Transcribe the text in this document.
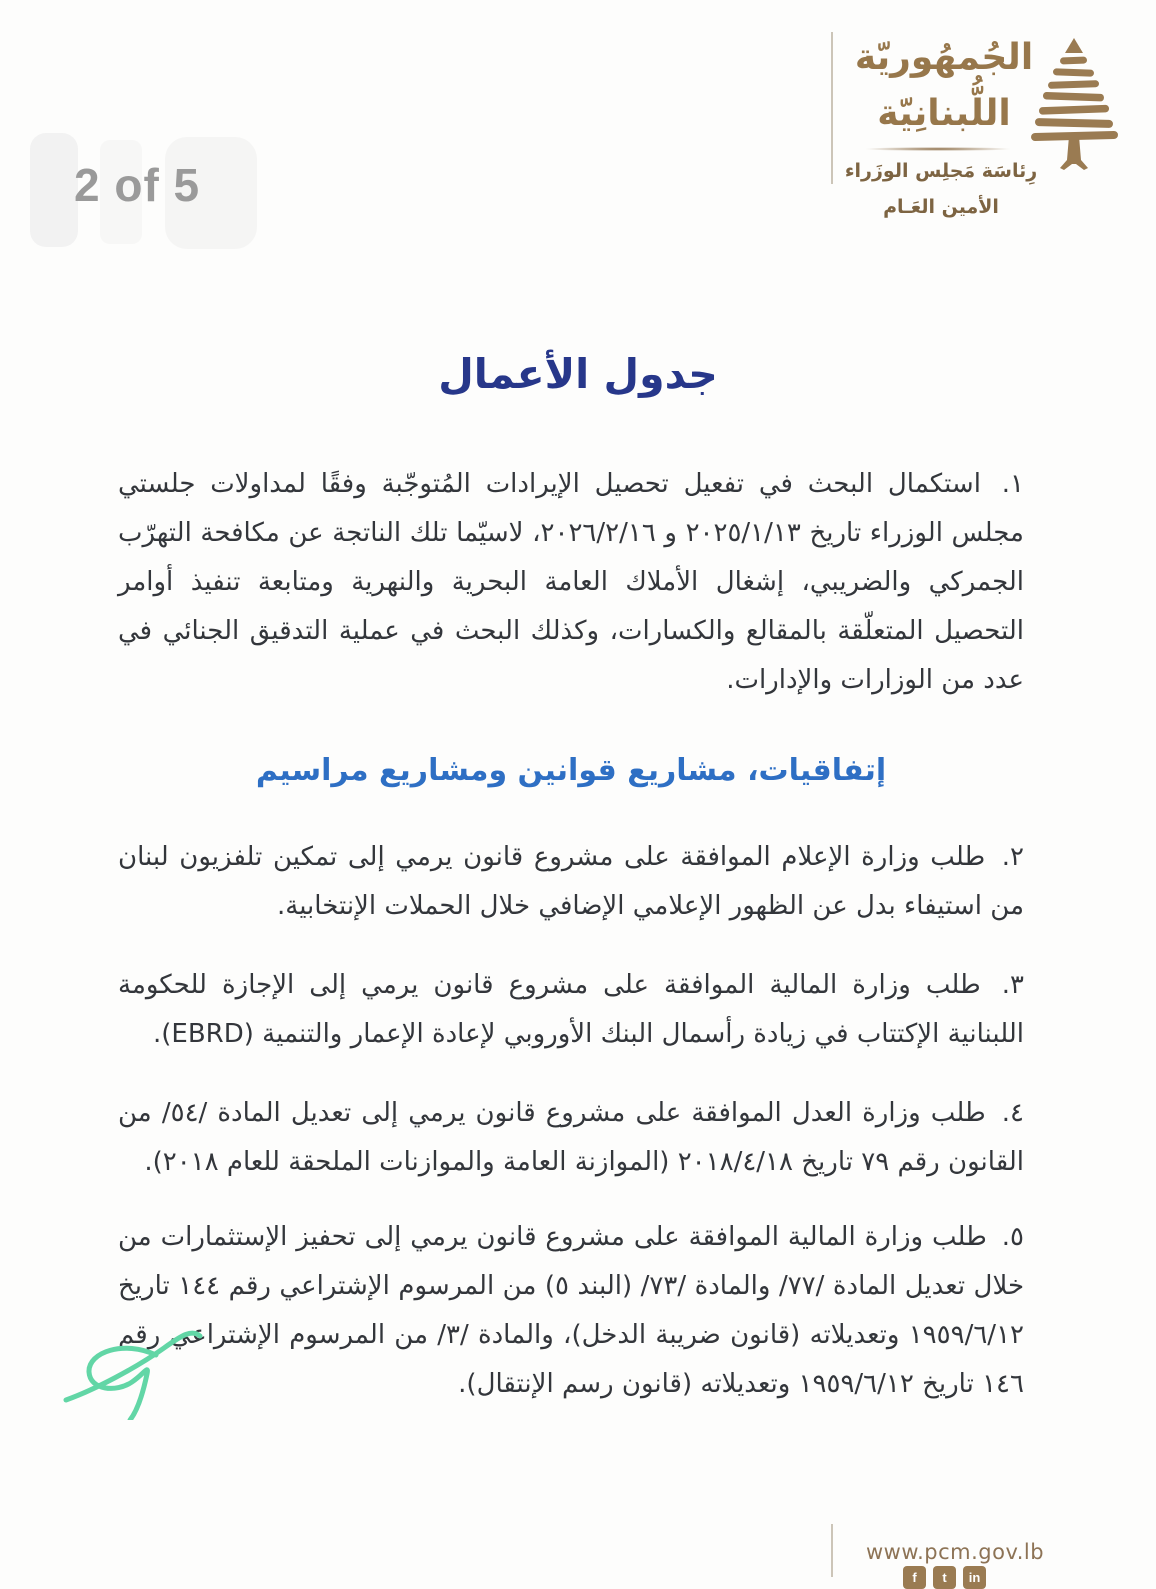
2 of 5
الجُمهُوريّة
اللُّبنانِيّة
رِئاسَة مَجلِس الوزَراء
الأمين العَـام
جدول الأعمال

١. استكمال البحث في تفعيل تحصيل الإيرادات المُتوجّبة وفقًا لمداولات جلستي مجلس الوزراء تاريخ ٢٠٢٥/١/١٣ و ٢٠٢٦/٢/١٦، لاسيّما تلك الناتجة عن مكافحة التهرّب الجمركي والضريبي، إشغال الأملاك العامة البحرية والنهرية ومتابعة تنفيذ أوامر التحصيل المتعلّقة بالمقالع والكسارات، وكذلك البحث في عملية التدقيق الجنائي في عدد من الوزارات والإدارات.

إتفاقيات، مشاريع قوانين ومشاريع مراسيم

٢. طلب وزارة الإعلام الموافقة على مشروع قانون يرمي إلى تمكين تلفزيون لبنان من استيفاء بدل عن الظهور الإعلامي الإضافي خلال الحملات الإنتخابية.

٣. طلب وزارة المالية الموافقة على مشروع قانون يرمي إلى الإجازة للحكومة اللبنانية الإكتتاب في زيادة رأسمال البنك الأوروبي لإعادة الإعمار والتنمية (EBRD).

٤. طلب وزارة العدل الموافقة على مشروع قانون يرمي إلى تعديل المادة /٥٤/ من القانون رقم ٧٩ تاريخ ٢٠١٨/٤/١٨ (الموازنة العامة والموازنات الملحقة للعام ٢٠١٨).

٥. طلب وزارة المالية الموافقة على مشروع قانون يرمي إلى تحفيز الإستثمارات من خلال تعديل المادة /٧٧/ والمادة /٧٣/ (البند ٥) من المرسوم الإشتراعي رقم ١٤٤ تاريخ ١٩٥٩/٦/١٢ وتعديلاته (قانون ضريبة الدخل)، والمادة /٣/ من المرسوم الإشتراعي رقم ١٤٦ تاريخ ١٩٥٩/٦/١٢ وتعديلاته (قانون رسم الإنتقال).

www.pcm.gov.lb
f	t	in
